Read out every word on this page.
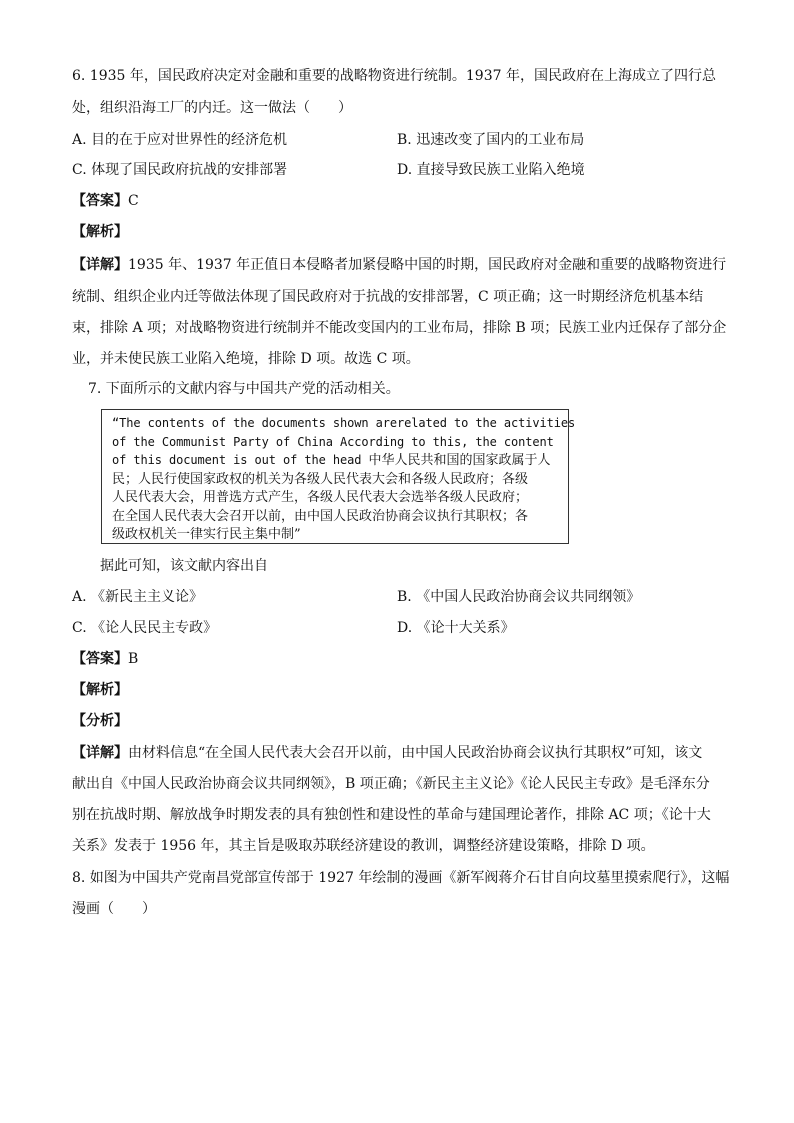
6. 1935 年，国民政府决定对金融和重要的战略物资进行统制。1937 年，国民政府在上海成立了四行总
处，组织沿海工厂的内迁。这一做法（　　）
A. 目的在于应对世界性的经济危机	B. 迅速改变了国内的工业布局
C. 体现了国民政府抗战的安排部署	D. 直接导致民族工业陷入绝境
【答案】C
【解析】
【详解】1935 年、1937 年正值日本侵略者加紧侵略中国的时期，国民政府对金融和重要的战略物资进行
统制、组织企业内迁等做法体现了国民政府对于抗战的安排部署，C 项正确；这一时期经济危机基本结
束，排除 A 项；对战略物资进行统制并不能改变国内的工业布局，排除 B 项；民族工业内迁保存了部分企
业，并未使民族工业陷入绝境，排除 D 项。故选 C 项。
7. 下面所示的文献内容与中国共产党的活动相关。
“The contents of the documents shown arerelated to the activities
of the Communist Party of China According to this, the content
of this document is out of the head 中华人民共和国的国家政属于人
民；人民行使国家政权的机关为各级人民代表大会和各级人民政府；各级
人民代表大会，用普选方式产生，各级人民代表大会选举各级人民政府；
在全国人民代表大会召开以前，由中国人民政治协商会议执行其职权；各
级政权机关一律实行民主集中制”
据此可知，该文献内容出自
A. 《新民主主义论》	B. 《中国人民政治协商会议共同纲领》
C. 《论人民民主专政》	D. 《论十大关系》
【答案】B
【解析】
【分析】
【详解】由材料信息“在全国人民代表大会召开以前，由中国人民政治协商会议执行其职权”可知，该文
献出自《中国人民政治协商会议共同纲领》，B 项正确；《新民主主义论》《论人民民主专政》是毛泽东分
别在抗战时期、解放战争时期发表的具有独创性和建设性的革命与建国理论著作，排除 AC 项；《论十大
关系》发表于 1956 年，其主旨是吸取苏联经济建设的教训，调整经济建设策略，排除 D 项。
8. 如图为中国共产党南昌党部宣传部于 1927 年绘制的漫画《新军阀蒋介石甘自向坟墓里摸索爬行》，这幅
漫画（　　）
